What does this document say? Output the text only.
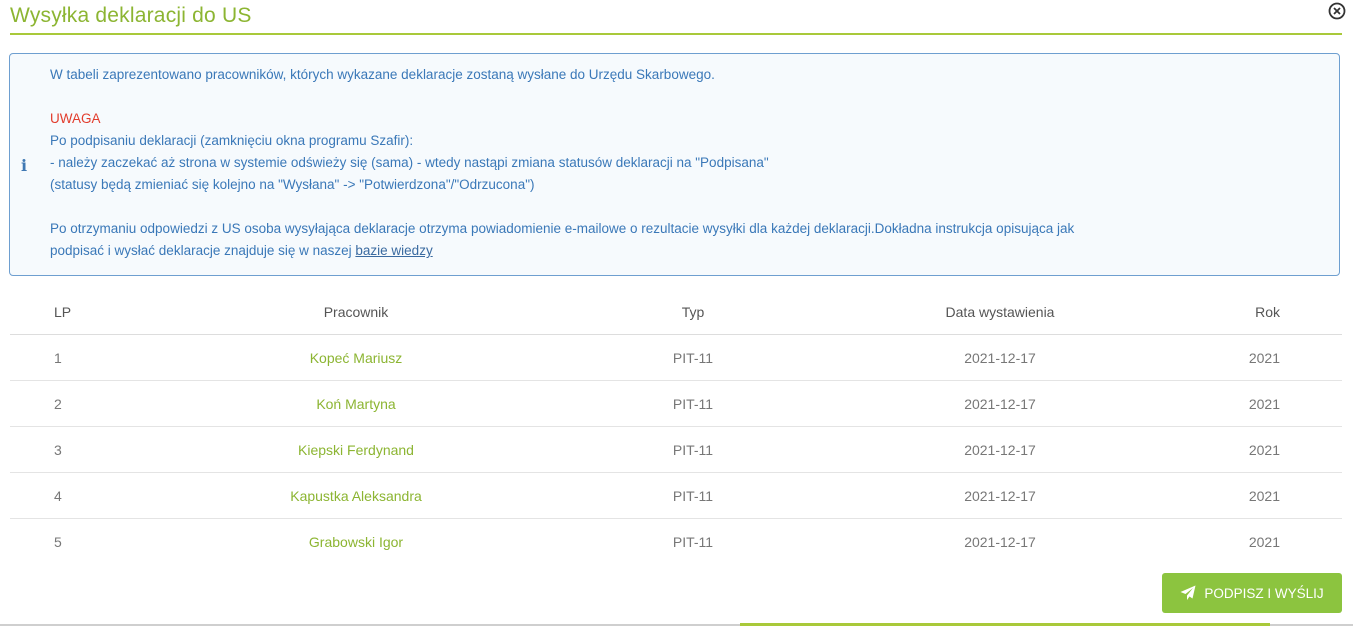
Wysyłka deklaracji do US
i

W tabeli zaprezentowano pracowników, których wykazane deklaracje zostaną wysłane do Urzędu Skarbowego.

UWAGA

Po podpisaniu deklaracji (zamknięciu okna programu Szafir):

- należy zaczekać aż strona w systemie odświeży się (sama) - wtedy nastąpi zmiana statusów deklaracji na "Podpisana"

(statusy będą zmieniać się kolejno na "Wysłana" -> "Potwierdzona"/"Odrzucona")

Po otrzymaniu odpowiedzi z US osoba wysyłająca deklaracje otrzyma powiadomienie e-mailowe o rezultacie wysyłki dla każdej deklaracji.Dokładna instrukcja opisująca jak

podpisać i wysłać deklaracje znajduje się w naszej bazie wiedzy

LP	Pracownik	Typ	Data wystawienia	Rok
1	Kopeć Mariusz	PIT-11	2021-12-17	2021
2	Koń Martyna	PIT-11	2021-12-17	2021
3	Kiepski Ferdynand	PIT-11	2021-12-17	2021
4	Kapustka Aleksandra	PIT-11	2021-12-17	2021
5	Grabowski Igor	PIT-11	2021-12-17	2021
PODPISZ I WYŚLIJ
